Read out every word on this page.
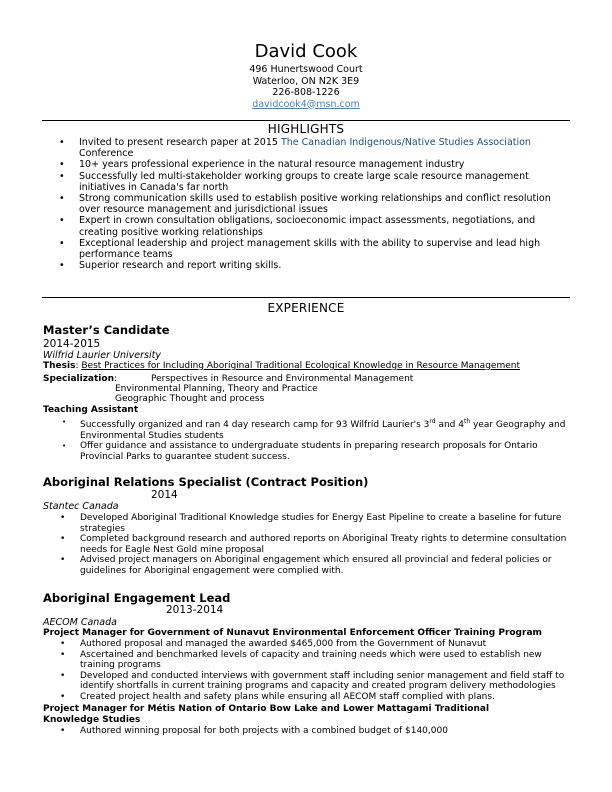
David Cook
496 Hunertswood Court
Waterloo, ON N2K 3E9
226-808-1226
davidcook4@msn.com
HIGHLIGHTS
• Invited to present research paper at 2015 The Canadian Indigenous/Native Studies Association
Conference
• 10+ years professional experience in the natural resource management industry
• Successfully led multi-stakeholder working groups to create large scale resource management initiatives in Canada's far north
• Strong communication skills used to establish positive working relationships and conflict resolution over resource management and jurisdictional issues
• Expert in crown consultation obligations, socioeconomic impact assessments, negotiations, and creating positive working relationships
• Exceptional leadership and project management skills with the ability to supervise and lead high performance teams
• Superior research and report writing skills.
EXPERIENCE
Master’s Candidate
2014-2015
Wilfrid Laurier University
Thesis: Best Practices for Including Aboriginal Traditional Ecological Knowledge in Resource Management
Specialization:	Perspectives in Resource and Environmental Management
Environmental Planning, Theory and Practice
Geographic Thought and process
Teaching Assistant
• Successfully organized and ran 4 day research camp for 93 Wilfrid Laurier's 3rd and 4th year Geography and Environmental Studies students
• Offer guidance and assistance to undergraduate students in preparing research proposals for Ontario Provincial Parks to guarantee student success.
Aboriginal Relations Specialist (Contract Position)
2014
Stantec Canada
• Developed Aboriginal Traditional Knowledge studies for Energy East Pipeline to create a baseline for future strategies
• Completed background research and authored reports on Aboriginal Treaty rights to determine consultation needs for Eagle Nest Gold mine proposal
• Advised project managers on Aboriginal engagement which ensured all provincial and federal policies or guidelines for Aboriginal engagement were complied with.
Aboriginal Engagement Lead
2013-2014
AECOM Canada
Project Manager for Government of Nunavut Environmental Enforcement Officer Training Program
• Authored proposal and managed the awarded $465,000 from the Government of Nunavut
• Ascertained and benchmarked levels of capacity and training needs which were used to establish new training programs
• Developed and conducted interviews with government staff including senior management and field staff to identify shortfalls in current training programs and capacity and created program delivery methodologies
• Created project health and safety plans while ensuring all AECOM staff complied with plans.
Project Manager for Métis Nation of Ontario Bow Lake and Lower Mattagami Traditional Knowledge Studies
• Authored winning proposal for both projects with a combined budget of $140,000
